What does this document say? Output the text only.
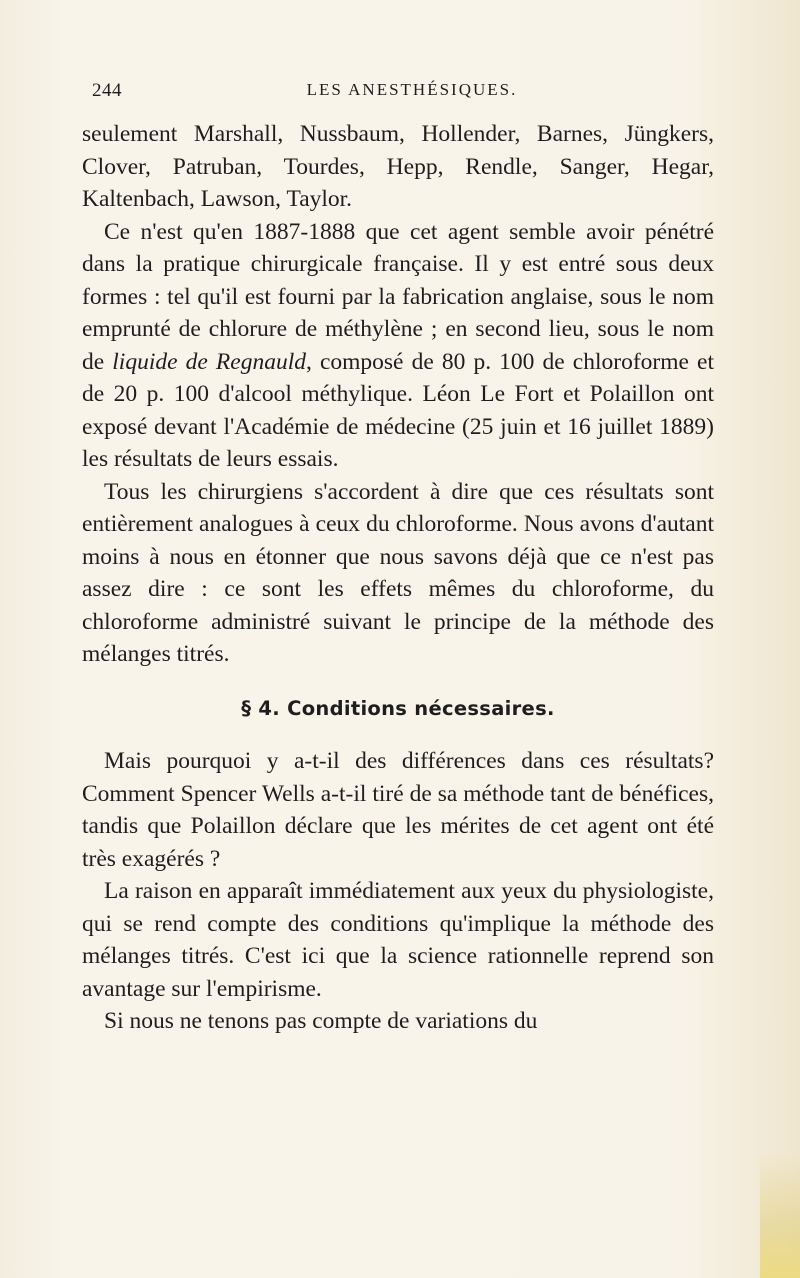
244	LES ANESTHÉSIQUES.

seulement Marshall, Nussbaum, Hollender, Barnes, Jüngkers, Clover, Patruban, Tourdes, Hepp, Rendle, Sanger, Hegar, Kaltenbach, Lawson, Taylor.

Ce n'est qu'en 1887-1888 que cet agent semble avoir pénétré dans la pratique chirurgicale française. Il y est entré sous deux formes : tel qu'il est fourni par la fabrication anglaise, sous le nom emprunté de chlorure de méthylène ; en second lieu, sous le nom de liquide de Regnauld, composé de 80 p. 100 de chloroforme et de 20 p. 100 d'alcool méthylique. Léon Le Fort et Polaillon ont exposé devant l'Académie de médecine (25 juin et 16 juillet 1889) les résultats de leurs essais.

Tous les chirurgiens s'accordent à dire que ces résultats sont entièrement analogues à ceux du chloroforme. Nous avons d'autant moins à nous en étonner que nous savons déjà que ce n'est pas assez dire : ce sont les effets mêmes du chloroforme, du chloroforme administré suivant le principe de la méthode des mélanges titrés.

§ 4. Conditions nécessaires.

Mais pourquoi y a-t-il des différences dans ces résultats? Comment Spencer Wells a-t-il tiré de sa méthode tant de bénéfices, tandis que Polaillon déclare que les mérites de cet agent ont été très exagérés ?

La raison en apparaît immédiatement aux yeux du physiologiste, qui se rend compte des conditions qu'implique la méthode des mélanges titrés. C'est ici que la science rationnelle reprend son avantage sur l'empirisme.

Si nous ne tenons pas compte de variations du
